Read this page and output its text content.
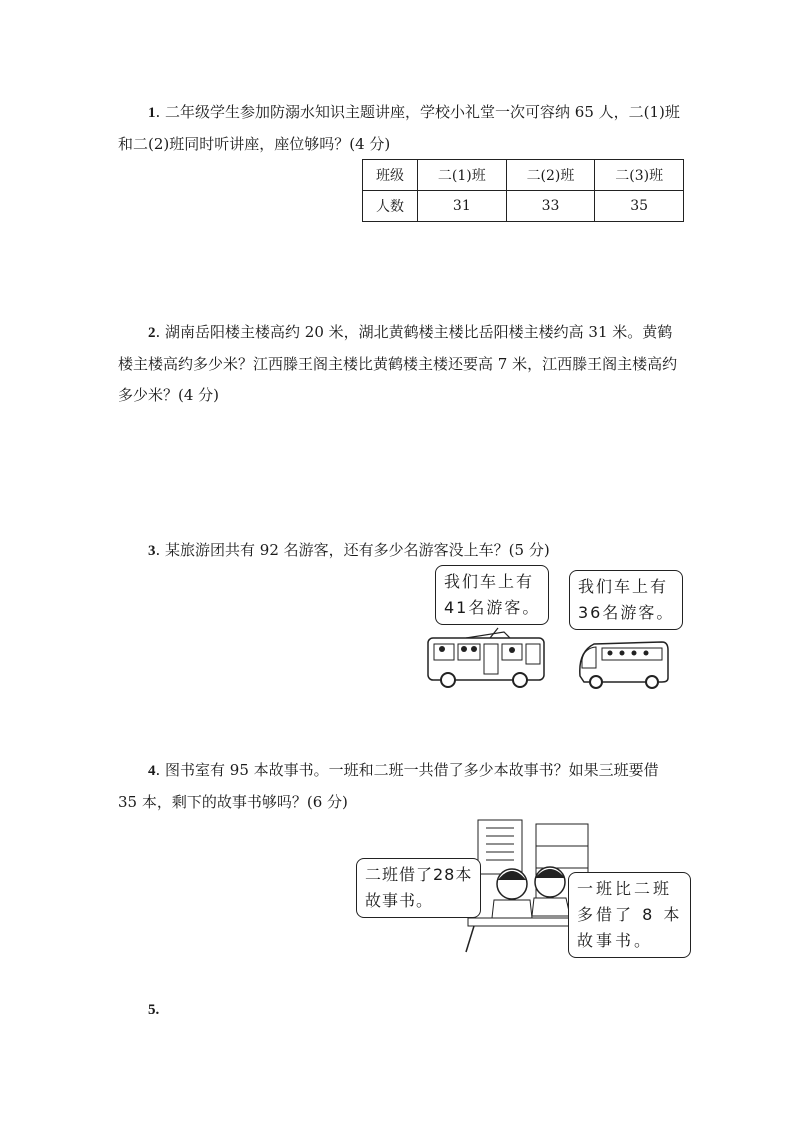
1. 二年级学生参加防溺水知识主题讲座，学校小礼堂一次可容纳 65 人，二(1)班和二(2)班同时听讲座，座位够吗？(4 分)

班级	二(1)班	二(2)班	二(3)班
人数	31	33	35

2. 湖南岳阳楼主楼高约 20 米，湖北黄鹤楼主楼比岳阳楼主楼约高 31 米。黄鹤楼主楼高约多少米？江西滕王阁主楼比黄鹤楼主楼还要高 7 米，江西滕王阁主楼高约多少米？(4 分)

3. 某旅游团共有 92 名游客，还有多少名游客没上车？(5 分)

我们车上有
41名游客。
我们车上有
36名游客。

4. 图书室有 95 本故事书。一班和二班一共借了多少本故事书？如果三班要借 35 本，剩下的故事书够吗？(6 分)

二班借了28本
故事书。
一班比二班
多借了 8 本
故事书。

5.
